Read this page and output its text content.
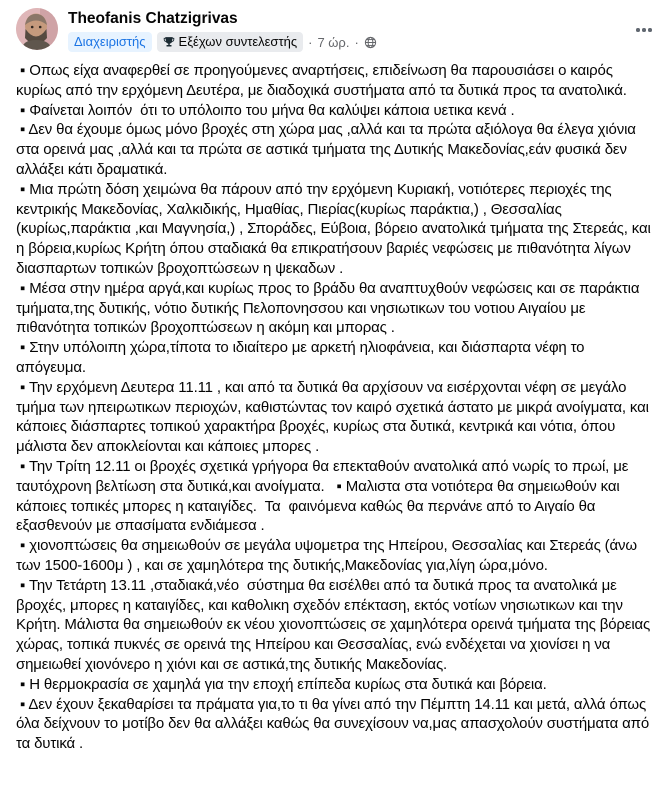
Theofanis Chatzigrivas
Διαχειριστής	Εξέχων συντελεστής · 7 ώρ. ·

▪ Οπως είχα αναφερθεί σε προηγούμενες αναρτήσεις, επιδείνωση θα παρουσιάσει ο καιρός κυρίως από την ερχόμενη Δευτέρα, με διαδοχικά συστήματα από τα δυτικά προς τα ανατολικά.

▪ Φαίνεται λοιπόν  ότι το υπόλοιπο του μήνα θα καλύψει κάποια υετικα κενά .

▪ Δεν θα έχουμε όμως μόνο βροχές στη χώρα μας ,αλλά και τα πρώτα αξιόλογα θα έλεγα χιόνια στα ορεινά μας ,αλλά και τα πρώτα σε αστικά τμήματα της Δυτικής Μακεδονίας,εάν φυσικά δεν αλλάξει κάτι δραματικά.

▪ Μια πρώτη δόση χειμώνα θα πάρουν από την ερχόμενη Κυριακή, νοτιότερες περιοχές της κεντρικής Μακεδονίας, Χαλκιδικής, Ημαθίας, Πιερίας(κυρίως παράκτια,) , Θεσσαλίας (κυρίως,παράκτια ,και Μαγνησία,) , Σποράδες, Εύβοια, βόρειο ανατολικά τμήματα της Στερεάς, και η βόρεια,κυρίως Κρήτη όπου σταδιακά θα επικρατήσουν βαριές νεφώσεις με πιθανότητα λίγων διασπαρτων τοπικών βροχοπτώσεων η ψεκαδων .

▪ Μέσα στην ημέρα αργά,και κυρίως προς το βράδυ θα αναπτυχθούν νεφώσεις και σε παράκτια τμήματα,της δυτικής, νότιο δυτικής Πελοπονησσου και νησιωτικων του νοτιου Αιγαίου με πιθανότητα τοπικών βροχοπτώσεων η ακόμη και μπορας .

▪ Στην υπόλοιπη χώρα,τίποτα το ιδιαίτερο με αρκετή ηλιοφάνεια, και διάσπαρτα νέφη το απόγευμα.

▪ Την ερχόμενη Δευτερα 11.11 , και από τα δυτικά θα αρχίσουν να εισέρχονται νέφη σε μεγάλο τμήμα των ηπειρωτικων περιοχών, καθιστώντας τον καιρό σχετικά άστατο με μικρά ανοίγματα, και κάποιες διάσπαρτες τοπικού χαρακτήρα βροχές, κυρίως στα δυτικά, κεντρικά και νότια, όπου μάλιστα δεν αποκλείονται και κάποιες μπορες .

▪ Την Τρίτη 12.11 οι βροχές σχετικά γρήγορα θα επεκταθούν ανατολικά από νωρίς το πρωί, με ταυτόχρονη βελτίωση στα δυτικά,και ανοίγματα.   ▪ Μαλιστα στα νοτιότερα θα σημειωθούν και κάποιες τοπικές μπορες η καταιγίδες.  Τα  φαινόμενα καθώς θα περνάνε από το Αιγαίο θα εξασθενούν με σπασίματα ενδιάμεσα .

▪ χιονοπτώσεις θα σημειωθούν σε μεγάλα υψομετρα της Ηπείρου, Θεσσαλίας και Στερεάς (άνω των 1500-1600μ ) , και σε χαμηλότερα της δυτικής,Μακεδονίας για,λίγη ώρα,μόνο.

▪ Την Τετάρτη 13.11 ,σταδιακά,νέο  σύστημα θα εισέλθει από τα δυτικά προς τα ανατολικά με βροχές, μπορες η καταιγίδες, και καθολικη σχεδόν επέκταση, εκτός νοτίων νησιωτικων και την Κρήτη. Μάλιστα θα σημειωθούν εκ νέου χιονοπτώσεις σε χαμηλότερα ορεινά τμήματα της βόρειας χώρας, τοπικά πυκνές σε ορεινά της Ηπείρου και Θεσσαλίας, ενώ ενδέχεται να χιονίσει η να σημειωθεί χιονόνερο η χιόνι και σε αστικά,της δυτικής Μακεδονίας.

▪ Η θερμοκρασία σε χαμηλά για την εποχή επίπεδα κυρίως στα δυτικά και βόρεια.

▪ Δεν έχουν ξεκαθαρίσει τα πράματα για,το τι θα γίνει από την Πέμπτη 14.11 και μετά, αλλά όπως όλα δείχνουν το μοτίβο δεν θα αλλάξει καθώς θα συνεχίσουν να,μας απασχολούν συστήματα από τα δυτικά .
